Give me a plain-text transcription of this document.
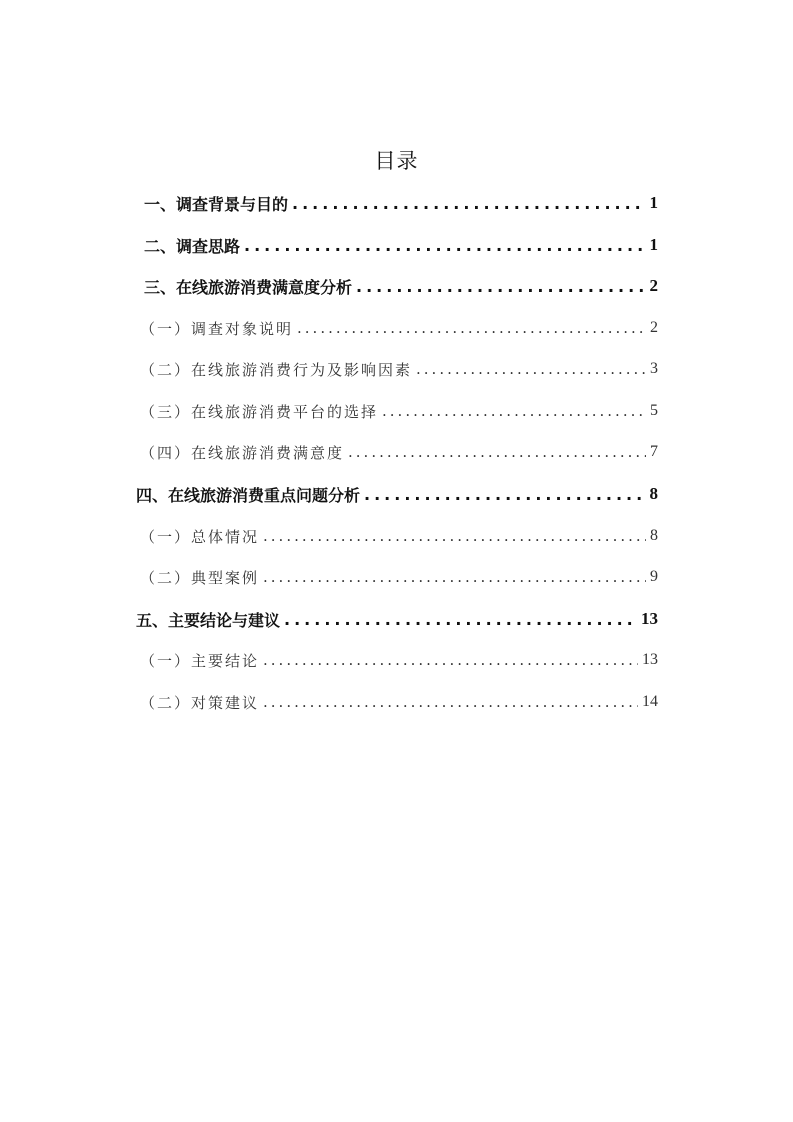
目录
一、调查背景与目的 .....	1
二、调查思路 .....	1
三、在线旅游消费满意度分析 .....	2
（一）调查对象说明 .....	2
（二）在线旅游消费行为及影响因素 .....	3
（三）在线旅游消费平台的选择 .....	5
（四）在线旅游消费满意度 .....	7
四、在线旅游消费重点问题分析 .....	8
（一）总体情况 .....	8
（二）典型案例 .....	9
五、主要结论与建议 .....	13
（一）主要结论 .....	13
（二）对策建议 .....	14
